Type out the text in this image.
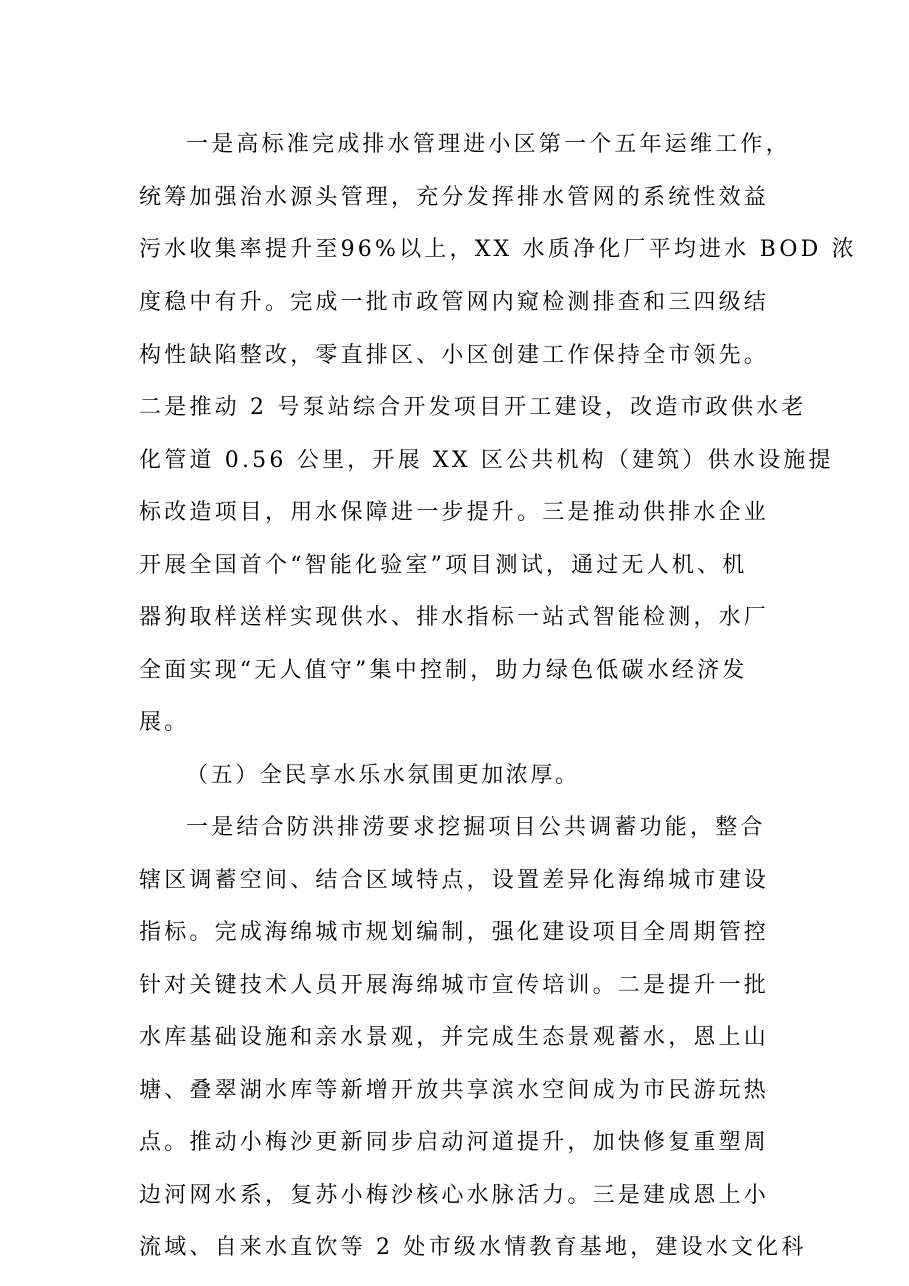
一是高标准完成排水管理进小区第一个五年运维工作，
统筹加强治水源头管理，充分发挥排水管网的系统性效益
污水收集率提升至96%以上，XX 水质净化厂平均进水 BOD 浓
度稳中有升。完成一批市政管网内窥检测排查和三四级结
构性缺陷整改，零直排区、小区创建工作保持全市领先。
二是推动 2 号泵站综合开发项目开工建设，改造市政供水老
化管道 0.56 公里，开展 XX 区公共机构（建筑）供水设施提
标改造项目，用水保障进一步提升。三是推动供排水企业
开展全国首个“智能化验室”项目测试，通过无人机、机
器狗取样送样实现供水、排水指标一站式智能检测，水厂
全面实现“无人值守”集中控制，助力绿色低碳水经济发
展。
（五）全民享水乐水氛围更加浓厚。
一是结合防洪排涝要求挖掘项目公共调蓄功能，整合
辖区调蓄空间、结合区域特点，设置差异化海绵城市建设
指标。完成海绵城市规划编制，强化建设项目全周期管控
针对关键技术人员开展海绵城市宣传培训。二是提升一批
水库基础设施和亲水景观，并完成生态景观蓄水，恩上山
塘、叠翠湖水库等新增开放共享滨水空间成为市民游玩热
点。推动小梅沙更新同步启动河道提升，加快修复重塑周
边河网水系，复苏小梅沙核心水脉活力。三是建成恩上小
流域、自来水直饮等 2 处市级水情教育基地，建设水文化科
